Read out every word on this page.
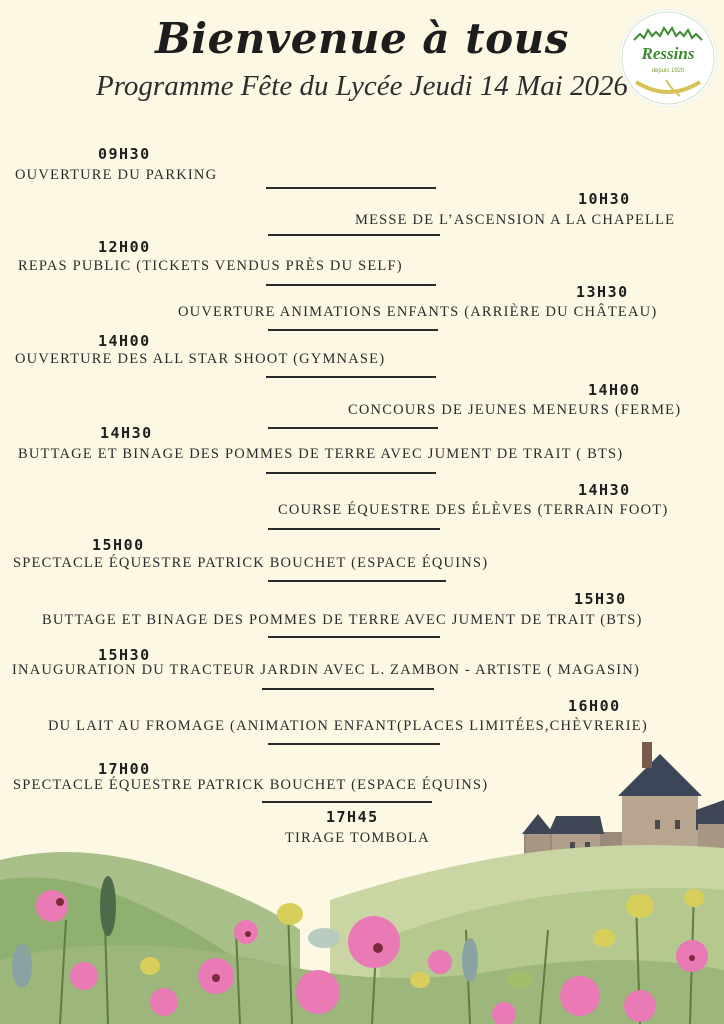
Bienvenue à tous
Programme Fête du Lycée Jeudi 14 Mai 2026
Ressins
depuis 1920
09H30
OUVERTURE DU PARKING
10H30
MESSE DE L’ASCENSION A LA CHAPELLE
12H00
REPAS PUBLIC (TICKETS VENDUS PRÈS DU SELF)
13H30
OUVERTURE ANIMATIONS ENFANTS (ARRIÈRE DU CHÂTEAU)
14H00
OUVERTURE DES ALL STAR SHOOT (GYMNASE)
14H00
CONCOURS DE JEUNES MENEURS (FERME)
14H30
BUTTAGE ET BINAGE DES POMMES DE TERRE AVEC JUMENT DE TRAIT ( BTS)
14H30
COURSE ÉQUESTRE DES ÉLÈVES (TERRAIN FOOT)
15H00
SPECTACLE ÉQUESTRE PATRICK BOUCHET (ESPACE ÉQUINS)
15H30
BUTTAGE ET BINAGE DES POMMES DE TERRE AVEC JUMENT DE TRAIT (BTS)
15H30
INAUGURATION DU TRACTEUR JARDIN AVEC L. ZAMBON - ARTISTE ( MAGASIN)
16H00
DU LAIT AU FROMAGE (ANIMATION ENFANT(PLACES LIMITÉES,CHÈVRERIE)
17H00
SPECTACLE ÉQUESTRE PATRICK BOUCHET (ESPACE ÉQUINS)
17H45
TIRAGE TOMBOLA
